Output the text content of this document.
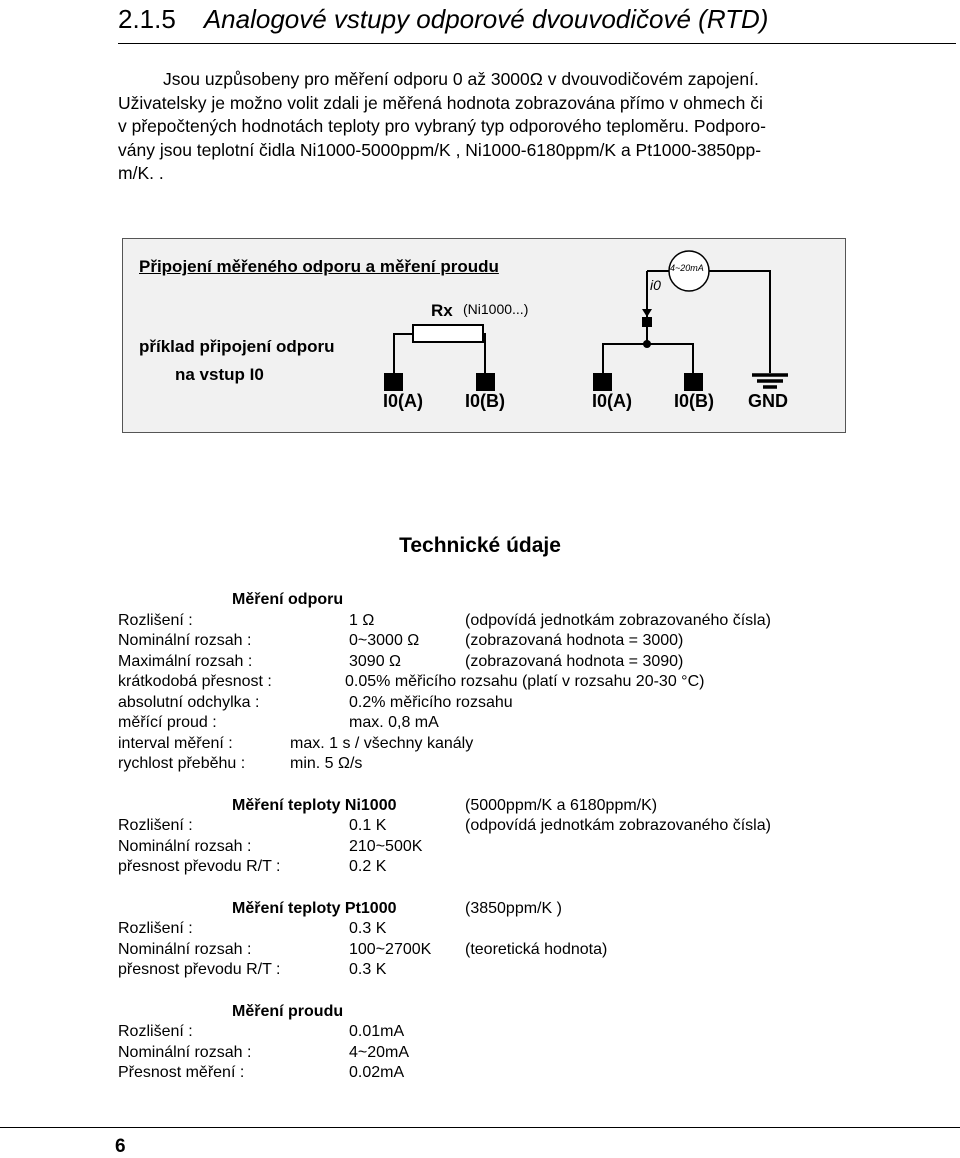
2.1.5 Analogové vstupy odporové dvouvodičové (RTD)

Jsou uzpůsobeny pro měření odporu 0 až 3000Ω v dvouvodičovém zapojení.
Uživatelsky je možno volit zdali je měřená hodnota zobrazována přímo v ohmech či
v přepočtených hodnotách teploty pro vybraný typ odporového teploměru. Podporo-
vány jsou teplotní čidla Ni1000-5000ppm/K , Ni1000-6180ppm/K a Pt1000-3850pp-
m/K. .

Připojení měřeného odporu a měření proudu
příklad připojení odporu
na vstup I0
Rx (Ni1000...)
i0
4~20mA
I0(A) I0(B)	I0(A) I0(B) GND
Technické údaje
Měření odporu
Rozlišení :	1 Ω	(odpovídá jednotkám zobrazovaného čísla)
Nominální rozsah :	0~3000 Ω	(zobrazovaná hodnota = 3000)
Maximální rozsah :	3090 Ω	(zobrazovaná hodnota = 3090)
krátkodobá přesnost :	0.05% měřicího rozsahu (platí v rozsahu 20-30 °C)
absolutní odchylka :	0.2% měřicího rozsahu
měřící proud :	max. 0,8 mA
interval měření :	max. 1 s / všechny kanály
rychlost přeběhu :	min. 5 Ω/s
Měření teploty Ni1000	(5000ppm/K a 6180ppm/K)
Rozlišení :	0.1 K	(odpovídá jednotkám zobrazovaného čísla)
Nominální rozsah :	210~500K
přesnost převodu R/T :	0.2 K
Měření teploty Pt1000	(3850ppm/K )
Rozlišení :	0.3 K
Nominální rozsah :	100~2700K (teoretická hodnota)
přesnost převodu R/T :	0.3 K
Měření proudu
Rozlišení :	0.01mA
Nominální rozsah :	4~20mA
Přesnost měření :	0.02mA
6
